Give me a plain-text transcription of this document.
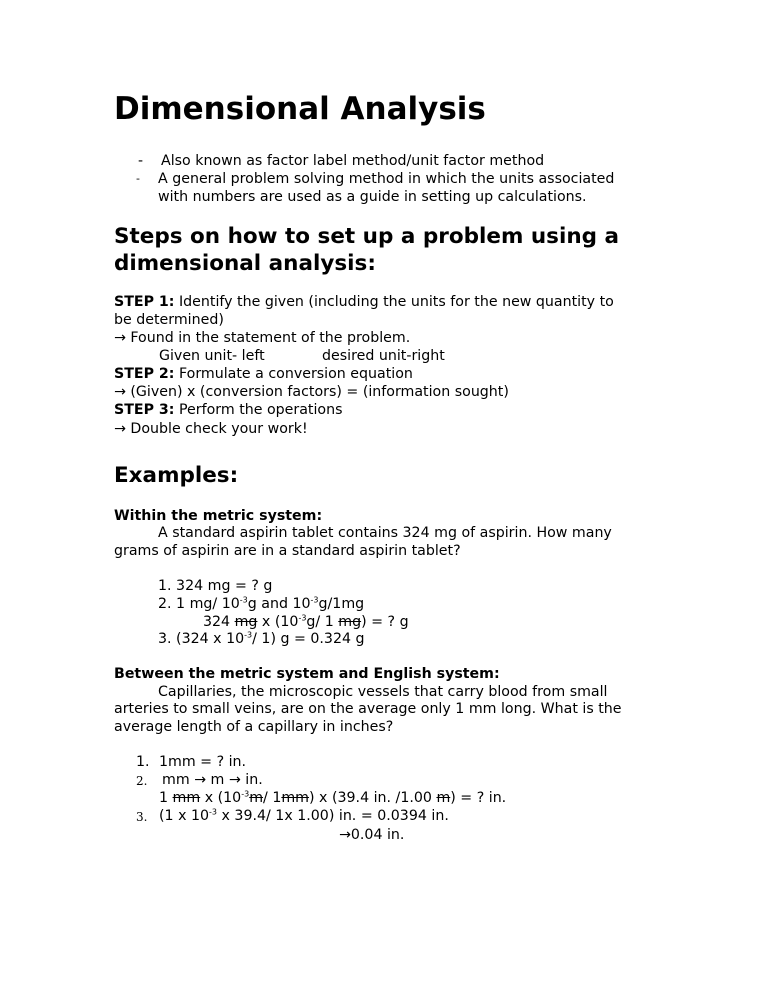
Dimensional Analysis
- Also known as factor label method/unit factor method
- A general problem solving method in which the units associated
with numbers are used as a guide in setting up calculations.
Steps on how to set up a problem using a
dimensional analysis:
STEP 1: Identify the given (including the units for the new quantity to
be determined)
→ Found in the statement of the problem.
Given unit- left	desired unit-right
STEP 2: Formulate a conversion equation
→ (Given) x (conversion factors) = (information sought)
STEP 3: Perform the operations
→ Double check your work!
Examples:
Within the metric system:
A standard aspirin tablet contains 324 mg of aspirin. How many
grams of aspirin are in a standard aspirin tablet?
1. 324 mg = ? g
2. 1 mg/ $10^{-3}g$ and $10^{-3}g/1mg$
324 mg x ($10^{-3}g/$ 1 mg) = ? g
3. (324 x $10^{-3}/$ 1) g = 0.324 g
Between the metric system and English system:
Capillaries, the microscopic vessels that carry blood from small
arteries to small veins, are on the average only 1 mm long. What is the
average length of a capillary in inches?
1. 1mm = ? in.
2. mm → m → in.
1 mm x ($10^{-3}m/$ 1mm) x (39.4 in. /1.00 m) = ? in.
3. (1 x $10^{-3}$ x 39.4/ 1x 1.00) in. = 0.0394 in.
→0.04 in.
